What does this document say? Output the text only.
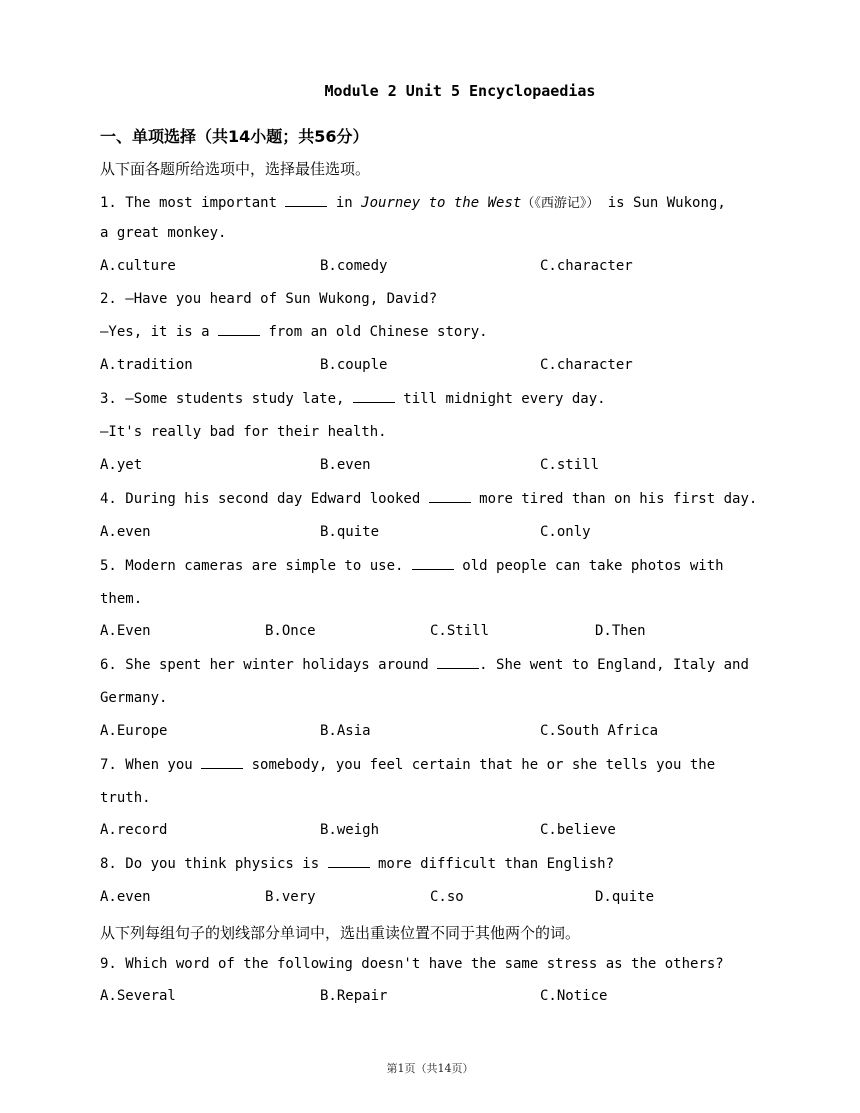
Module 2 Unit 5 Encyclopaedias
一、单项选择（共14小题；共56分）
从下面各题所给选项中，选择最佳选项。
1. The most important	in Journey to the West（《西游记》） is Sun Wukong,
a great monkey.
A.culture	B.comedy	C.character
2. —Have you heard of Sun Wukong, David?
—Yes, it is a	from an old Chinese story.
A.tradition	B.couple	C.character
3. —Some students study late,	till midnight every day.
—It's really bad for their health.
A.yet	B.even	C.still
4. During his second day Edward looked	more tired than on his first day.
A.even	B.quite	C.only
5. Modern cameras are simple to use.	old people can take photos with
them.
A.Even	B.Once	C.Still	D.Then
6. She spent her winter holidays around	. She went to England, Italy and
Germany.
A.Europe	B.Asia	C.South Africa
7. When you	somebody, you feel certain that he or she tells you the
truth.
A.record	B.weigh	C.believe
8. Do you think physics is	more difficult than English?
A.even	B.very	C.so	D.quite
从下列每组句子的划线部分单词中，选出重读位置不同于其他两个的词。
9. Which word of the following doesn't have the same stress as the others?
A.Several	B.Repair	C.Notice
第1页（共14页）
